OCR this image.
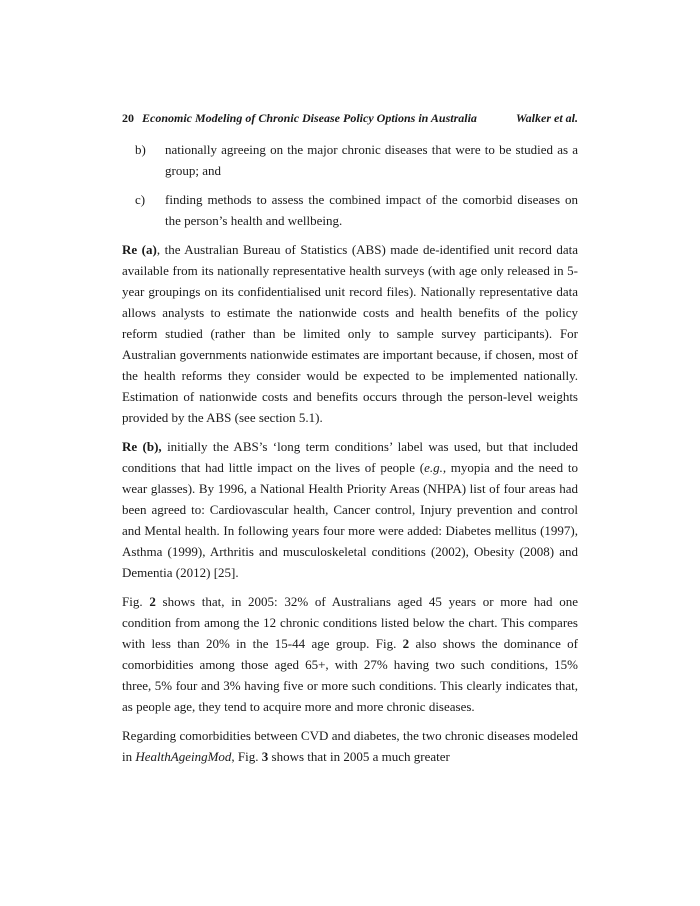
20 Economic Modeling of Chronic Disease Policy Options in Australia	Walker et al.
b)	nationally agreeing on the major chronic diseases that were to be studied as a group; and
c)	finding methods to assess the combined impact of the comorbid diseases on the person’s health and wellbeing.

Re (a), the Australian Bureau of Statistics (ABS) made de-identified unit record data available from its nationally representative health surveys (with age only released in 5-year groupings on its confidentialised unit record files). Nationally representative data allows analysts to estimate the nationwide costs and health benefits of the policy reform studied (rather than be limited only to sample survey participants). For Australian governments nationwide estimates are important because, if chosen, most of the health reforms they consider would be expected to be implemented nationally. Estimation of nationwide costs and benefits occurs through the person-level weights provided by the ABS (see section 5.1).

Re (b), initially the ABS’s ‘long term conditions’ label was used, but that included conditions that had little impact on the lives of people (e.g., myopia and the need to wear glasses). By 1996, a National Health Priority Areas (NHPA) list of four areas had been agreed to: Cardiovascular health, Cancer control, Injury prevention and control and Mental health. In following years four more were added: Diabetes mellitus (1997), Asthma (1999), Arthritis and musculoskeletal conditions (2002), Obesity (2008) and Dementia (2012) [25].

Fig. 2 shows that, in 2005: 32% of Australians aged 45 years or more had one condition from among the 12 chronic conditions listed below the chart. This compares with less than 20% in the 15-44 age group. Fig. 2 also shows the dominance of comorbidities among those aged 65+, with 27% having two such conditions, 15% three, 5% four and 3% having five or more such conditions. This clearly indicates that, as people age, they tend to acquire more and more chronic diseases.

Regarding comorbidities between CVD and diabetes, the two chronic diseases modeled in HealthAgeingMod, Fig. 3 shows that in 2005 a much greater
